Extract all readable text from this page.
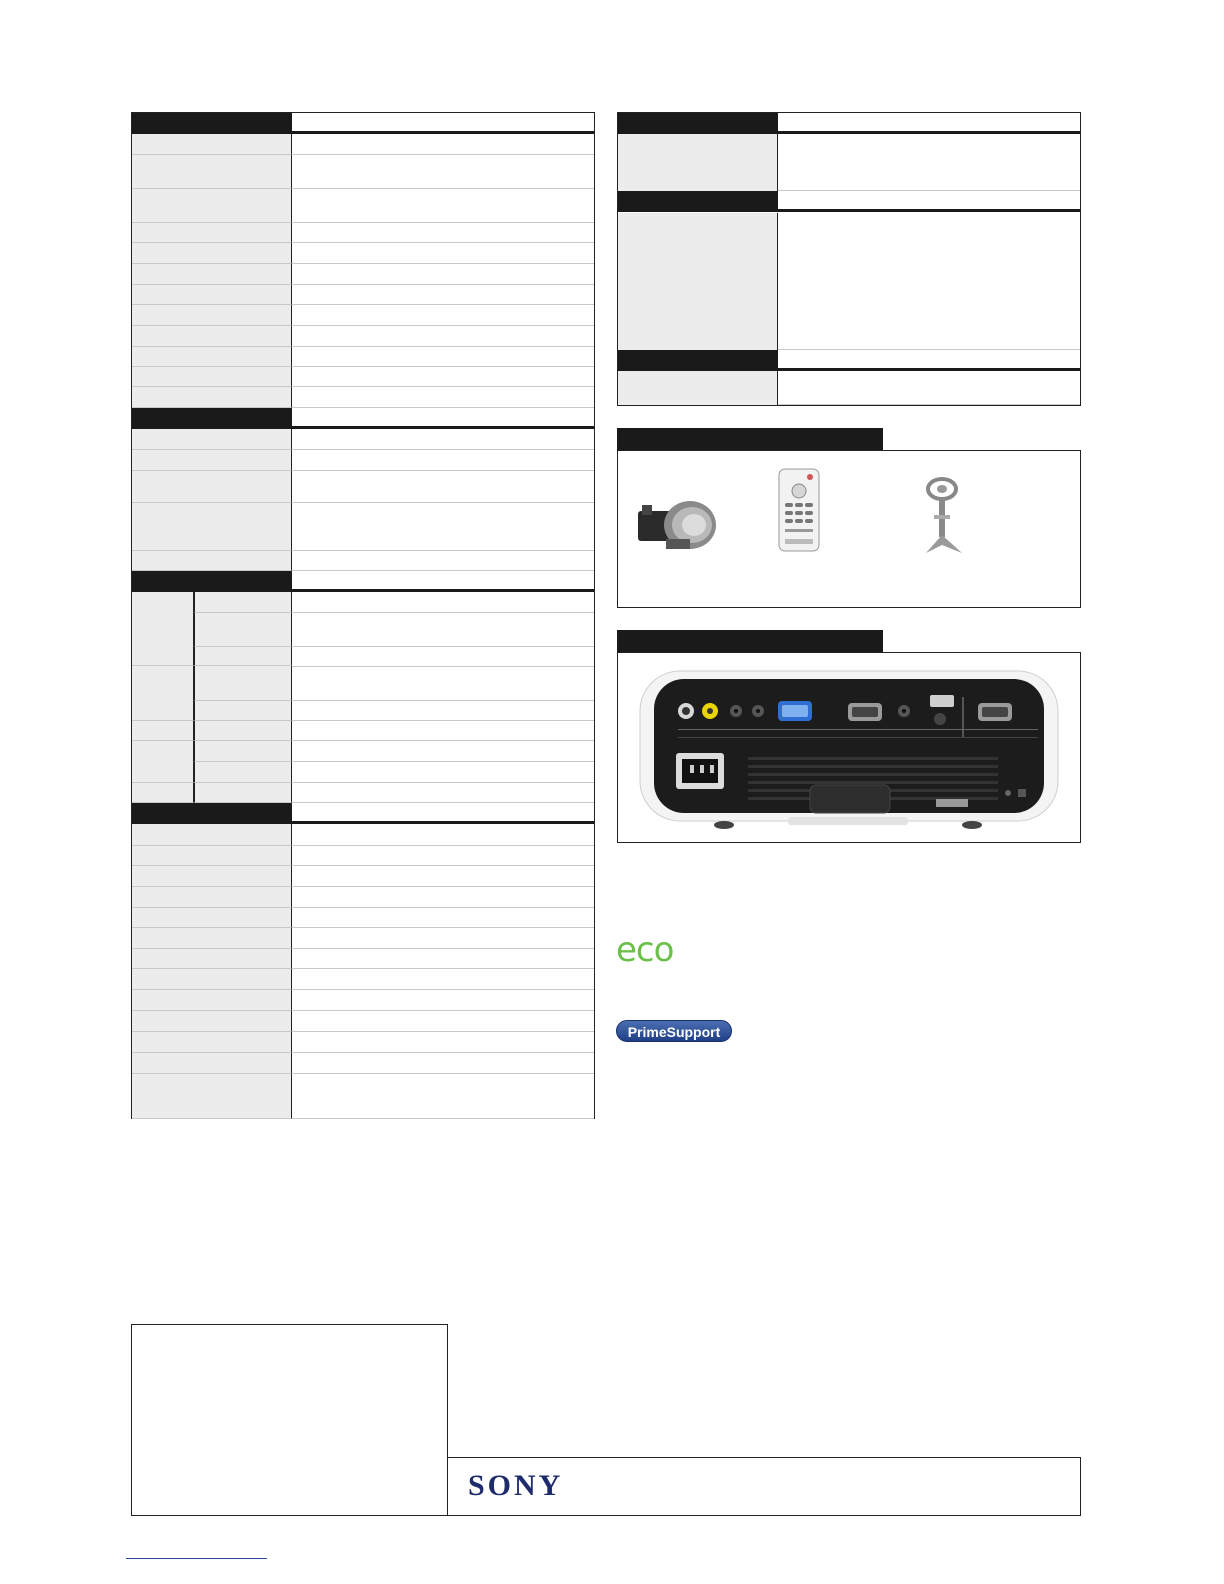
eco
PrimeSupport
SONY
